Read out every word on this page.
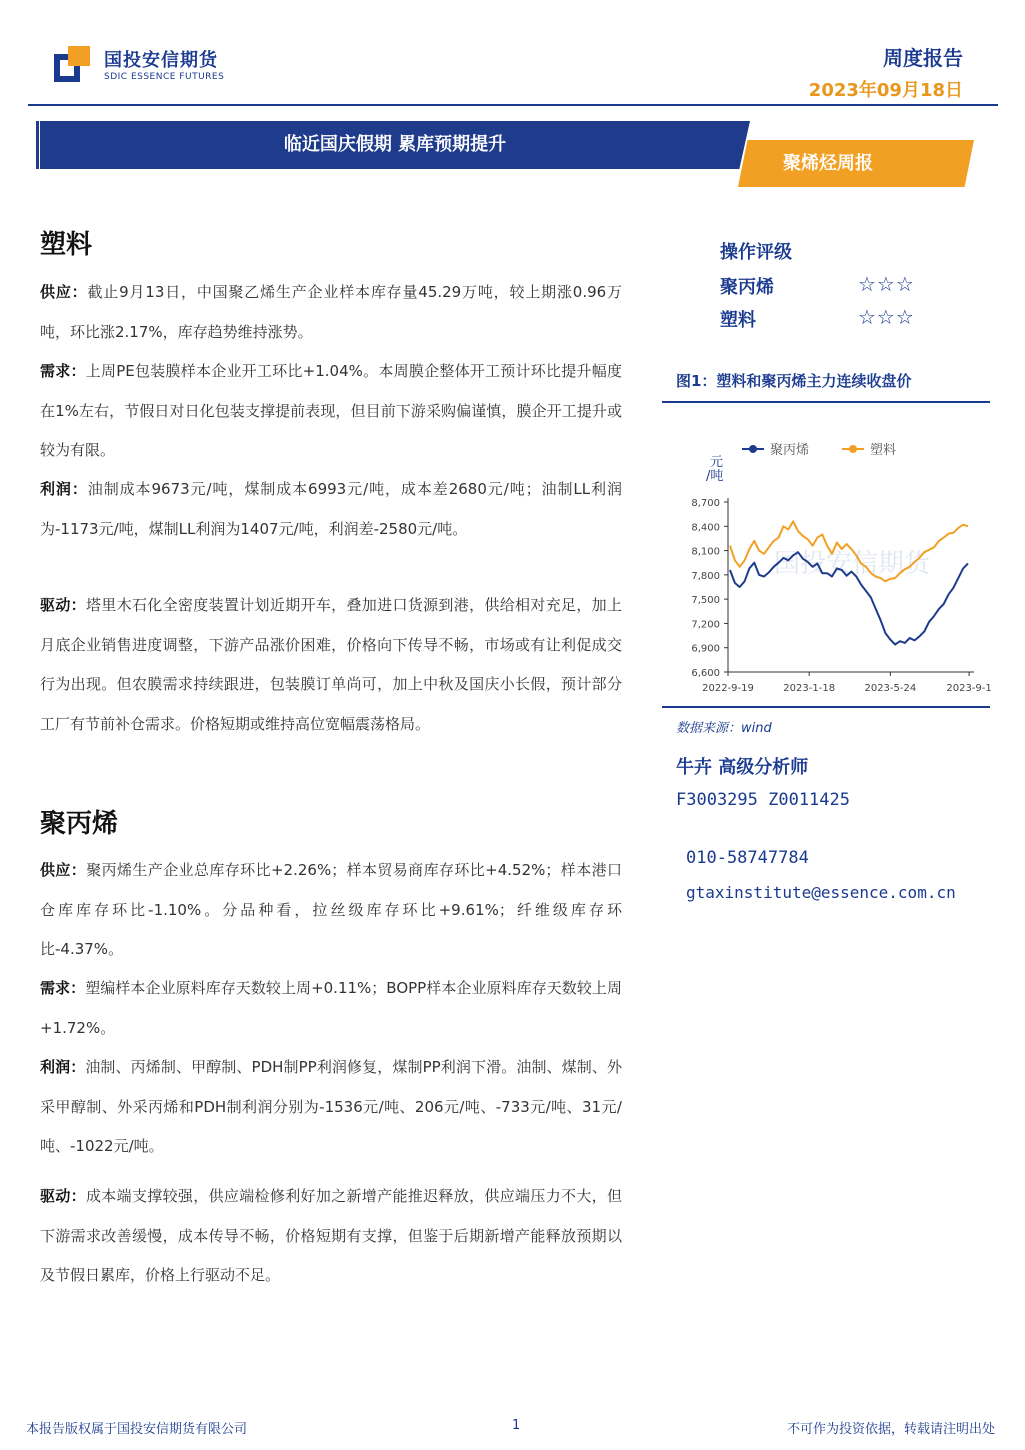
国投安信期货
SDIC ESSENCE FUTURES
周度报告
2023年09月18日
临近国庆假期 累库预期提升
聚烯烃周报
塑料
供应：截止9月13日，中国聚乙烯生产企业样本库存量45.29万吨，较上期涨0.96万吨，环比涨2.17%，库存趋势维持涨势。
需求：上周PE包装膜样本企业开工环比+1.04%。本周膜企整体开工预计环比提升幅度在1%左右，节假日对日化包装支撑提前表现，但目前下游采购偏谨慎，膜企开工提升或较为有限。
利润：油制成本9673元/吨，煤制成本6993元/吨，成本差2680元/吨；油制LL利润为-1173元/吨，煤制LL利润为1407元/吨，利润差-2580元/吨。
驱动：塔里木石化全密度装置计划近期开车，叠加进口货源到港，供给相对充足，加上月底企业销售进度调整，下游产品涨价困难，价格向下传导不畅，市场或有让利促成交行为出现。但农膜需求持续跟进，包装膜订单尚可，加上中秋及国庆小长假，预计部分工厂有节前补仓需求。价格短期或维持高位宽幅震荡格局。
聚丙烯
供应：聚丙烯生产企业总库存环比+2.26%；样本贸易商库存环比+4.52%；样本港口仓库库存环比-1.10%。分品种看，拉丝级库存环比+9.61%；纤维级库存环比-4.37%。
需求：塑编样本企业原料库存天数较上周+0.11%；BOPP样本企业原料库存天数较上周+1.72%。
利润：油制、丙烯制、甲醇制、PDH制PP利润修复，煤制PP利润下滑。油制、煤制、外采甲醇制、外采丙烯和PDH制利润分别为-1536元/吨、206元/吨、-733元/吨、31元/吨、-1022元/吨。
驱动：成本端支撑较强，供应端检修利好加之新增产能推迟释放，供应端压力不大，但下游需求改善缓慢，成本传导不畅，价格短期有支撑，但鉴于后期新增产能释放预期以及节假日累库，价格上行驱动不足。
操作评级
聚丙烯	☆☆☆
塑料	☆☆☆
图1：塑料和聚丙烯主力连续收盘价
国投安信期货
聚丙烯	塑料
元
/吨
8,700
8,400
8,100
7,800
7,500
7,200
6,900
6,600
2022-9-19	2023-1-18	2023-5-24	2023-9-1
数据来源：wind
牛卉 高级分析师
F3003295 Z0011425
010-58747784
gtaxinstitute@essence.com.cn
本报告版权属于国投安信期货有限公司	1	不可作为投资依据，转载请注明出处
